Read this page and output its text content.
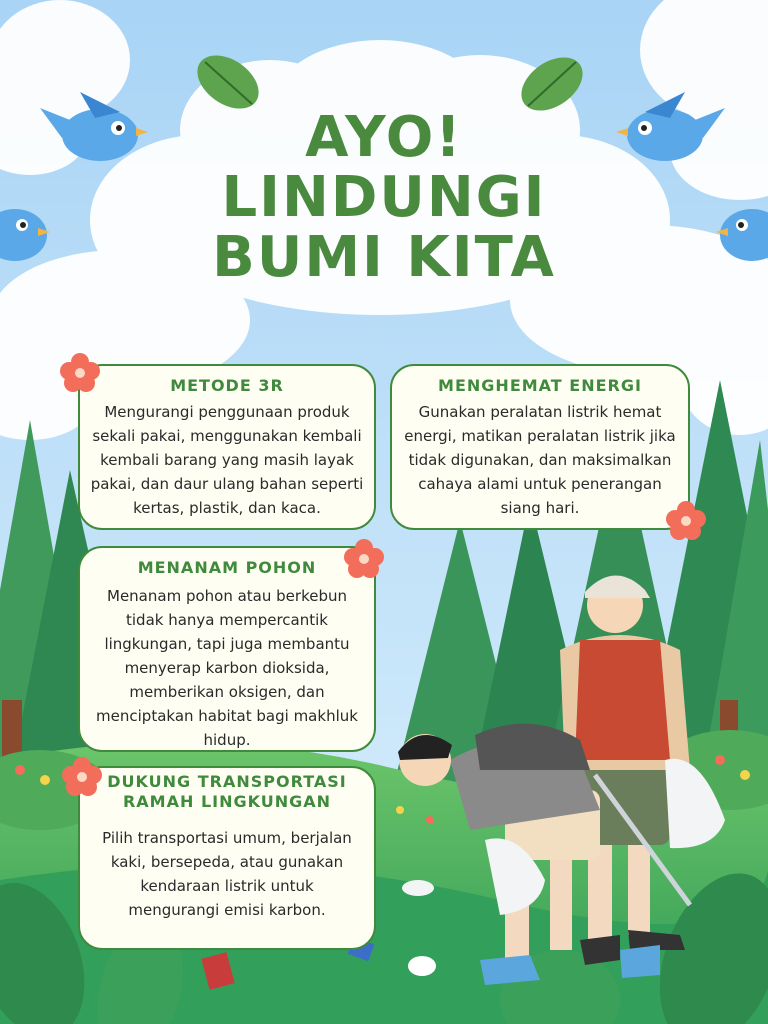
AYO!
LINDUNGI
BUMI KITA
METODE 3R

Mengurangi penggunaan produk sekali pakai, menggunakan kembali kembali barang yang masih layak pakai, dan daur ulang bahan seperti kertas, plastik, dan kaca.

MENGHEMAT ENERGI

Gunakan peralatan listrik hemat energi, matikan peralatan listrik jika tidak digunakan, dan maksimalkan cahaya alami untuk penerangan siang hari.

MENANAM POHON

Menanam pohon atau berkebun tidak hanya mempercantik lingkungan, tapi juga membantu menyerap karbon dioksida, memberikan oksigen, dan menciptakan habitat bagi makhluk hidup.

DUKUNG TRANSPORTASI RAMAH LINGKUNGAN

Pilih transportasi umum, berjalan kaki, bersepeda, atau gunakan kendaraan listrik untuk mengurangi emisi karbon.
